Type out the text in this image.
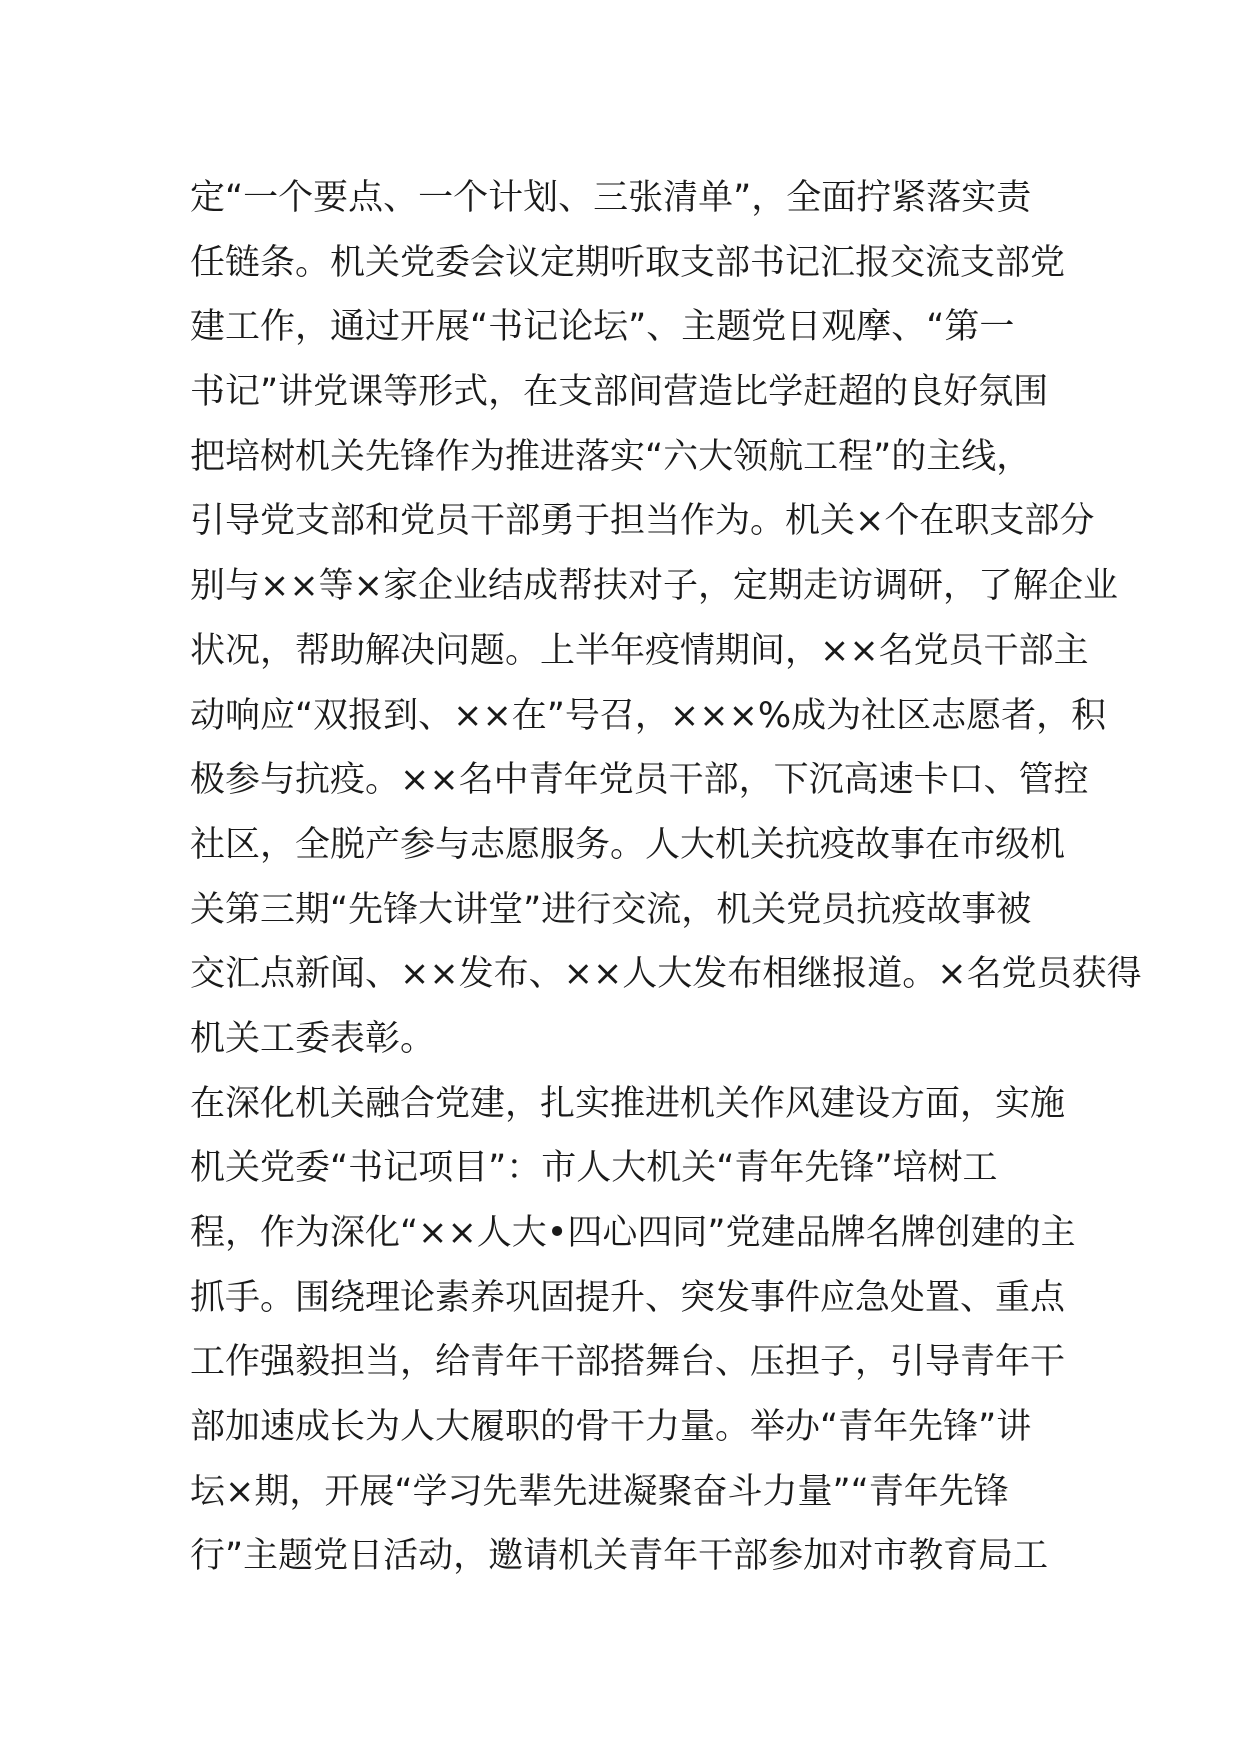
定“一个要点、一个计划、三张清单”，全面拧紧落实责
任链条。机关党委会议定期听取支部书记汇报交流支部党
建工作，通过开展“书记论坛”、主题党日观摩、“第一
书记”讲党课等形式，在支部间营造比学赶超的良好氛围
把培树机关先锋作为推进落实“六大领航工程”的主线，
引导党支部和党员干部勇于担当作为。机关×个在职支部分
别与××等×家企业结成帮扶对子，定期走访调研，了解企业
状况，帮助解决问题。上半年疫情期间，××名党员干部主
动响应“双报到、××在”号召，×××%成为社区志愿者，积
极参与抗疫。××名中青年党员干部，下沉高速卡口、管控
社区，全脱产参与志愿服务。人大机关抗疫故事在市级机
关第三期“先锋大讲堂”进行交流，机关党员抗疫故事被
交汇点新闻、××发布、××人大发布相继报道。×名党员获得
机关工委表彰。
在深化机关融合党建，扎实推进机关作风建设方面，实施
机关党委“书记项目”：市人大机关“青年先锋”培树工
程，作为深化“××人大•四心四同”党建品牌名牌创建的主
抓手。围绕理论素养巩固提升、突发事件应急处置、重点
工作强毅担当，给青年干部搭舞台、压担子，引导青年干
部加速成长为人大履职的骨干力量。举办“青年先锋”讲
坛×期，开展“学习先辈先进凝聚奋斗力量”“青年先锋
行”主题党日活动，邀请机关青年干部参加对市教育局工
